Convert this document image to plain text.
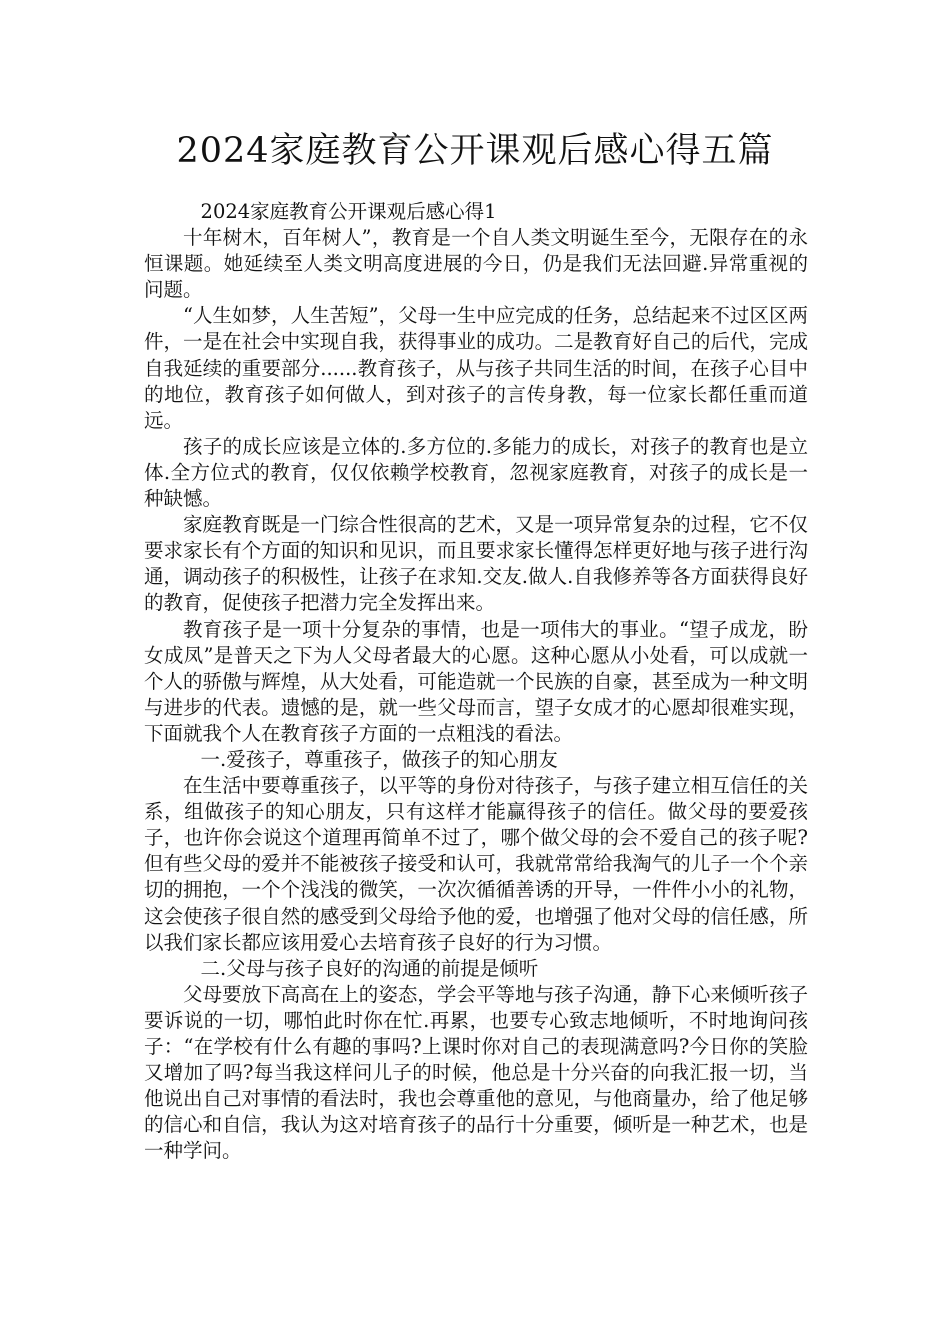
2024家庭教育公开课观后感心得五篇

2024家庭教育公开课观后感心得1

十年树木，百年树人”，教育是一个自人类文明诞生至今，无限存在的永恒课题。她延续至人类文明高度进展的今日，仍是我们无法回避.异常重视的问题。

“人生如梦，人生苦短”，父母一生中应完成的任务，总结起来不过区区两件，一是在社会中实现自我，获得事业的成功。二是教育好自己的后代，完成自我延续的重要部分......教育孩子，从与孩子共同生活的时间，在孩子心目中的地位，教育孩子如何做人，到对孩子的言传身教，每一位家长都任重而道远。

孩子的成长应该是立体的.多方位的.多能力的成长，对孩子的教育也是立体.全方位式的教育，仅仅依赖学校教育，忽视家庭教育，对孩子的成长是一种缺憾。

家庭教育既是一门综合性很高的艺术，又是一项异常复杂的过程，它不仅要求家长有个方面的知识和见识，而且要求家长懂得怎样更好地与孩子进行沟通，调动孩子的积极性，让孩子在求知.交友.做人.自我修养等各方面获得良好的教育，促使孩子把潜力完全发挥出来。

教育孩子是一项十分复杂的事情，也是一项伟大的事业。“望子成龙，盼女成凤”是普天之下为人父母者最大的心愿。这种心愿从小处看，可以成就一个人的骄傲与辉煌，从大处看，可能造就一个民族的自豪，甚至成为一种文明与进步的代表。遗憾的是，就一些父母而言，望子女成才的心愿却很难实现，下面就我个人在教育孩子方面的一点粗浅的看法。

一.爱孩子，尊重孩子，做孩子的知心朋友

在生活中要尊重孩子，以平等的身份对待孩子，与孩子建立相互信任的关系，组做孩子的知心朋友，只有这样才能赢得孩子的信任。做父母的要爱孩子，也许你会说这个道理再简单不过了，哪个做父母的会不爱自己的孩子呢?但有些父母的爱并不能被孩子接受和认可，我就常常给我淘气的儿子一个个亲切的拥抱，一个个浅浅的微笑，一次次循循善诱的开导，一件件小小的礼物，这会使孩子很自然的感受到父母给予他的爱，也增强了他对父母的信任感，所以我们家长都应该用爱心去培育孩子良好的行为习惯。

二.父母与孩子良好的沟通的前提是倾听

父母要放下高高在上的姿态，学会平等地与孩子沟通，静下心来倾听孩子要诉说的一切，哪怕此时你在忙.再累，也要专心致志地倾听，不时地询问孩子：“在学校有什么有趣的事吗?上课时你对自己的表现满意吗?今日你的笑脸又增加了吗?每当我这样问儿子的时候，他总是十分兴奋的向我汇报一切，当他说出自己对事情的看法时，我也会尊重他的意见，与他商量办，给了他足够的信心和自信，我认为这对培育孩子的品行十分重要，倾听是一种艺术，也是一种学问。
